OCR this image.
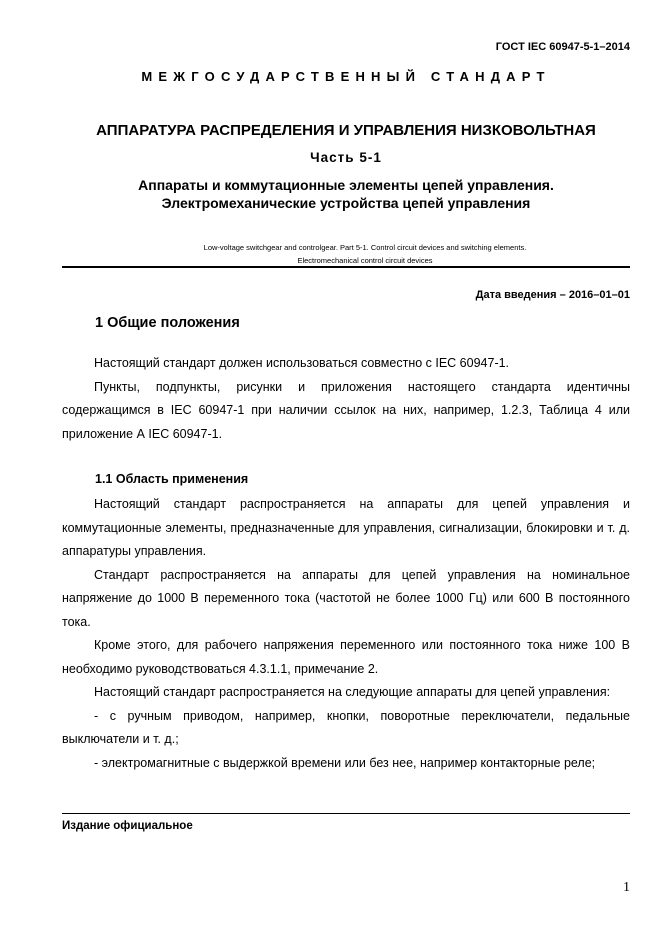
ГОСТ IEC 60947-5-1–2014
МЕЖГОСУДАРСТВЕННЫЙ СТАНДАРТ
АППАРАТУРА РАСПРЕДЕЛЕНИЯ И УПРАВЛЕНИЯ НИЗКОВОЛЬТНАЯ
Часть 5-1
Аппараты и коммутационные элементы цепей управления.
Электромеханические устройства цепей управления
Low-voltage switchgear and controlgear. Part 5-1. Control circuit devices and switching elements.
Electromechanical control circuit devices
Дата введения – 2016–01–01
1 Общие положения

Настоящий стандарт должен использоваться совместно с IEC 60947-1.

Пункты, подпункты, рисунки и приложения настоящего стандарта идентичны содержащимся в IEC 60947-1 при наличии ссылок на них, например, 1.2.3, Таблица 4 или приложение А IEC 60947-1.

1.1 Область применения

Настоящий стандарт распространяется на аппараты для цепей управления и коммутационные элементы, предназначенные для управления, сигнализации, блокировки и т. д. аппаратуры управления.

Стандарт распространяется на аппараты для цепей управления на номинальное напряжение до 1000 В переменного тока (частотой не более 1000 Гц) или 600 В постоянного тока.

Кроме этого, для рабочего напряжения переменного или постоянного тока ниже 100 В необходимо руководствоваться 4.3.1.1, примечание 2.

Настоящий стандарт распространяется на следующие аппараты для цепей управления:

- с ручным приводом, например, кнопки, поворотные переключатели, педальные выключатели и т. д.;

- электромагнитные с выдержкой времени или без нее, например контакторные реле;

Издание официальное
1
